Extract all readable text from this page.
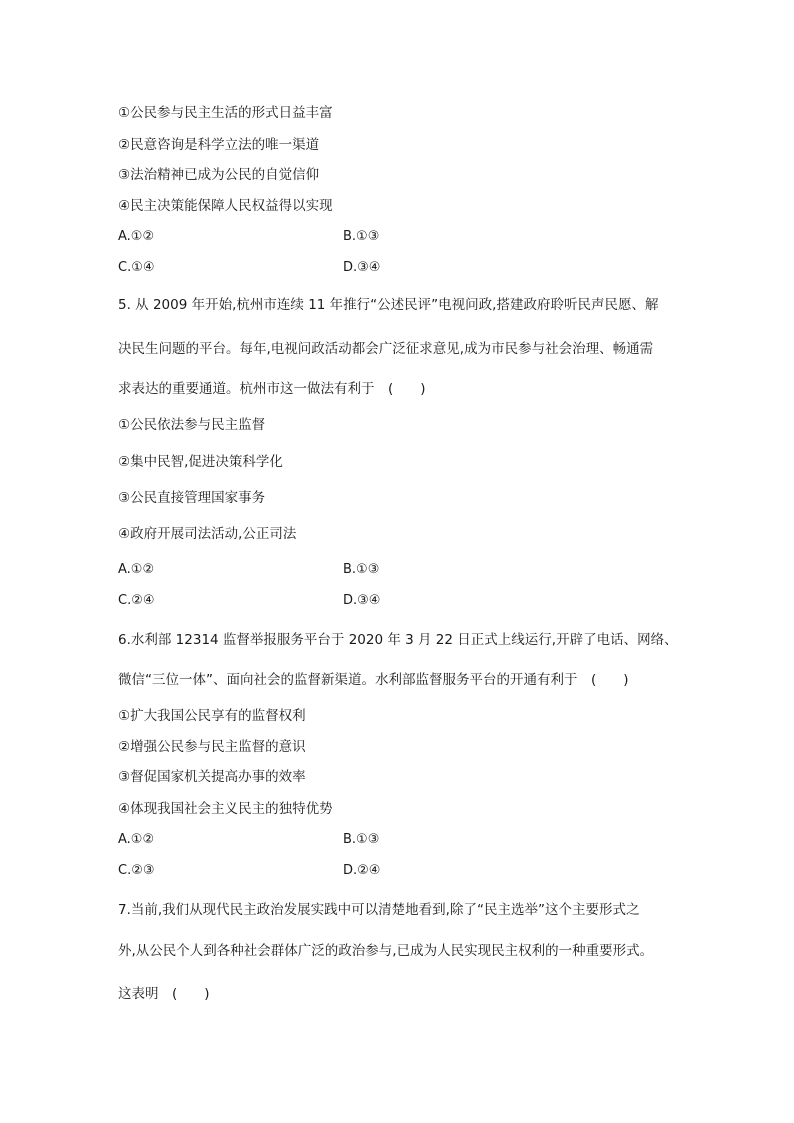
①公民参与民主生活的形式日益丰富
②民意咨询是科学立法的唯一渠道
③法治精神已成为公民的自觉信仰
④民主决策能保障人民权益得以实现
A.①②	B.①③
C.①④	D.③④
5. 从 2009 年开始,杭州市连续 11 年推行“公述民评”电视问政,搭建政府聆听民声民愿、解
决民生问题的平台。每年,电视问政活动都会广泛征求意见,成为市民参与社会治理、畅通需
求表达的重要通道。杭州市这一做法有利于　(　　)
①公民依法参与民主监督
②集中民智,促进决策科学化
③公民直接管理国家事务
④政府开展司法活动,公正司法
A.①②	B.①③
C.②④	D.③④
6.水利部 12314 监督举报服务平台于 2020 年 3 月 22 日正式上线运行,开辟了电话、网络、
微信“三位一体”、面向社会的监督新渠道。水利部监督服务平台的开通有利于　(　　)
①扩大我国公民享有的监督权利
②增强公民参与民主监督的意识
③督促国家机关提高办事的效率
④体现我国社会主义民主的独特优势
A.①②	B.①③
C.②③	D.②④
7.当前,我们从现代民主政治发展实践中可以清楚地看到,除了“民主选举”这个主要形式之
外,从公民个人到各种社会群体广泛的政治参与,已成为人民实现民主权利的一种重要形式。
这表明　(　　)
